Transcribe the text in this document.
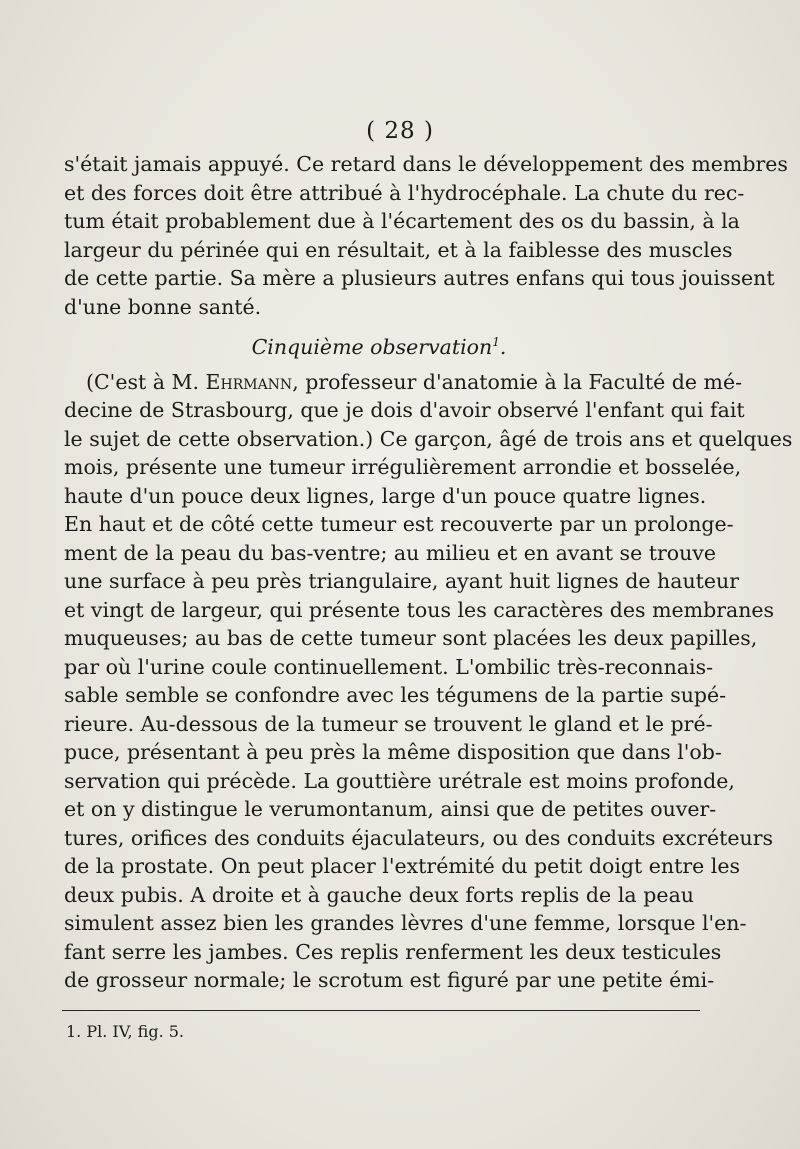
( 28 )
s'était jamais appuyé. Ce retard dans le développement des membres
et des forces doit être attribué à l'hydrocéphale. La chute du rec-
tum était probablement due à l'écartement des os du bassin, à la
largeur du périnée qui en résultait, et à la faiblesse des muscles
de cette partie. Sa mère a plusieurs autres enfans qui tous jouissent
d'une bonne santé.
Cinquième observation$^1$.
(C'est à M. Ehrmann, professeur d'anatomie à la Faculté de mé-
decine de Strasbourg, que je dois d'avoir observé l'enfant qui fait
le sujet de cette observation.) Ce garçon, âgé de trois ans et quelques
mois, présente une tumeur irrégulièrement arrondie et bosselée,
haute d'un pouce deux lignes, large d'un pouce quatre lignes.
En haut et de côté cette tumeur est recouverte par un prolonge-
ment de la peau du bas-ventre; au milieu et en avant se trouve
une surface à peu près triangulaire, ayant huit lignes de hauteur
et vingt de largeur, qui présente tous les caractères des membranes
muqueuses; au bas de cette tumeur sont placées les deux papilles,
par où l'urine coule continuellement. L'ombilic très-reconnais-
sable semble se confondre avec les tégumens de la partie supé-
rieure. Au-dessous de la tumeur se trouvent le gland et le pré-
puce, présentant à peu près la même disposition que dans l'ob-
servation qui précède. La gouttière urétrale est moins profonde,
et on y distingue le verumontanum, ainsi que de petites ouver-
tures, orifices des conduits éjaculateurs, ou des conduits excréteurs
de la prostate. On peut placer l'extrémité du petit doigt entre les
deux pubis. A droite et à gauche deux forts replis de la peau
simulent assez bien les grandes lèvres d'une femme, lorsque l'en-
fant serre les jambes. Ces replis renferment les deux testicules
de grosseur normale; le scrotum est figuré par une petite émi-
1. Pl. IV, fig. 5.
